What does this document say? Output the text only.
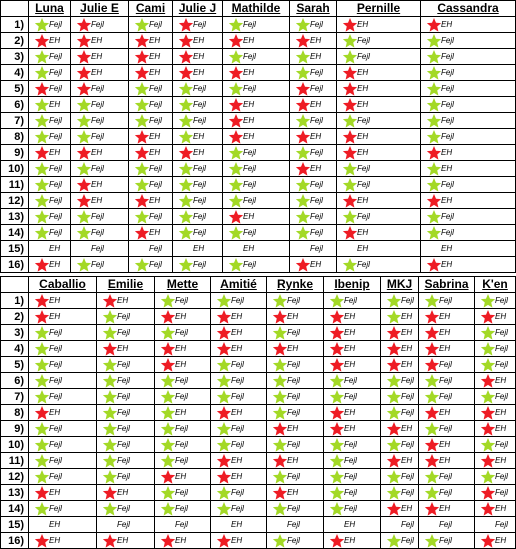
Luna	Julie E	Cami	Julie J	Mathilde	Sarah	Pernille	Cassandra
1)	Fejl	Fejl	Fejl	Fejl	Fejl	Fejl	EH	EH
2)	EH	EH	EH	EH	EH	EH	Fejl	Fejl
3)	Fejl	EH	EH	EH	Fejl	EH	Fejl	Fejl
4)	Fejl	EH	EH	EH	EH	Fejl	EH	Fejl
5)	Fejl	Fejl	Fejl	Fejl	Fejl	Fejl	EH	Fejl
6)	EH	Fejl	Fejl	Fejl	EH	EH	EH	Fejl
7)	Fejl	Fejl	Fejl	Fejl	EH	Fejl	Fejl	Fejl
8)	Fejl	Fejl	EH	EH	EH	EH	EH	Fejl
9)	EH	EH	EH	EH	Fejl	Fejl	EH	EH
10)	Fejl	Fejl	Fejl	Fejl	Fejl	EH	Fejl	EH
11)	Fejl	EH	Fejl	Fejl	Fejl	Fejl	Fejl	Fejl
12)	Fejl	EH	EH	Fejl	Fejl	Fejl	EH	EH
13)	Fejl	Fejl	Fejl	Fejl	EH	Fejl	Fejl	Fejl
14)	Fejl	Fejl	EH	Fejl	Fejl	Fejl	EH	Fejl
15)	EH	Fejl	Fejl	EH	EH	Fejl	EH	EH
16)	EH	Fejl	Fejl	Fejl	Fejl	EH	Fejl	EH
Caballio	Emilie	Mette	Amitié	Rynke	Ibenip	MKJ	Sabrina	K'en
1)	EH	EH	Fejl	Fejl	Fejl	Fejl	Fejl	Fejl	Fejl
2)	EH	Fejl	EH	EH	EH	EH	EH	EH	EH
3)	Fejl	Fejl	Fejl	EH	Fejl	EH	EH	EH	Fejl
4)	Fejl	EH	EH	EH	EH	EH	EH	EH	Fejl
5)	Fejl	Fejl	EH	Fejl	Fejl	EH	EH	Fejl	Fejl
6)	Fejl	Fejl	Fejl	Fejl	Fejl	Fejl	Fejl	Fejl	EH
7)	Fejl	Fejl	Fejl	Fejl	Fejl	Fejl	Fejl	Fejl	Fejl
8)	EH	Fejl	EH	EH	Fejl	EH	Fejl	EH	EH
9)	Fejl	Fejl	Fejl	Fejl	EH	EH	EH	Fejl	EH
10)	Fejl	Fejl	Fejl	Fejl	Fejl	Fejl	Fejl	EH	Fejl
11)	Fejl	Fejl	Fejl	EH	EH	Fejl	EH	EH	EH
12)	Fejl	Fejl	EH	EH	Fejl	Fejl	Fejl	Fejl	Fejl
13)	EH	EH	Fejl	Fejl	EH	Fejl	Fejl	Fejl	Fejl
14)	Fejl	Fejl	Fejl	Fejl	Fejl	Fejl	EH	EH	EH
15)	EH	Fejl	Fejl	EH	Fejl	EH	Fejl	Fejl	Fejl
16)	EH	EH	EH	EH	Fejl	EH	Fejl	Fejl	EH
